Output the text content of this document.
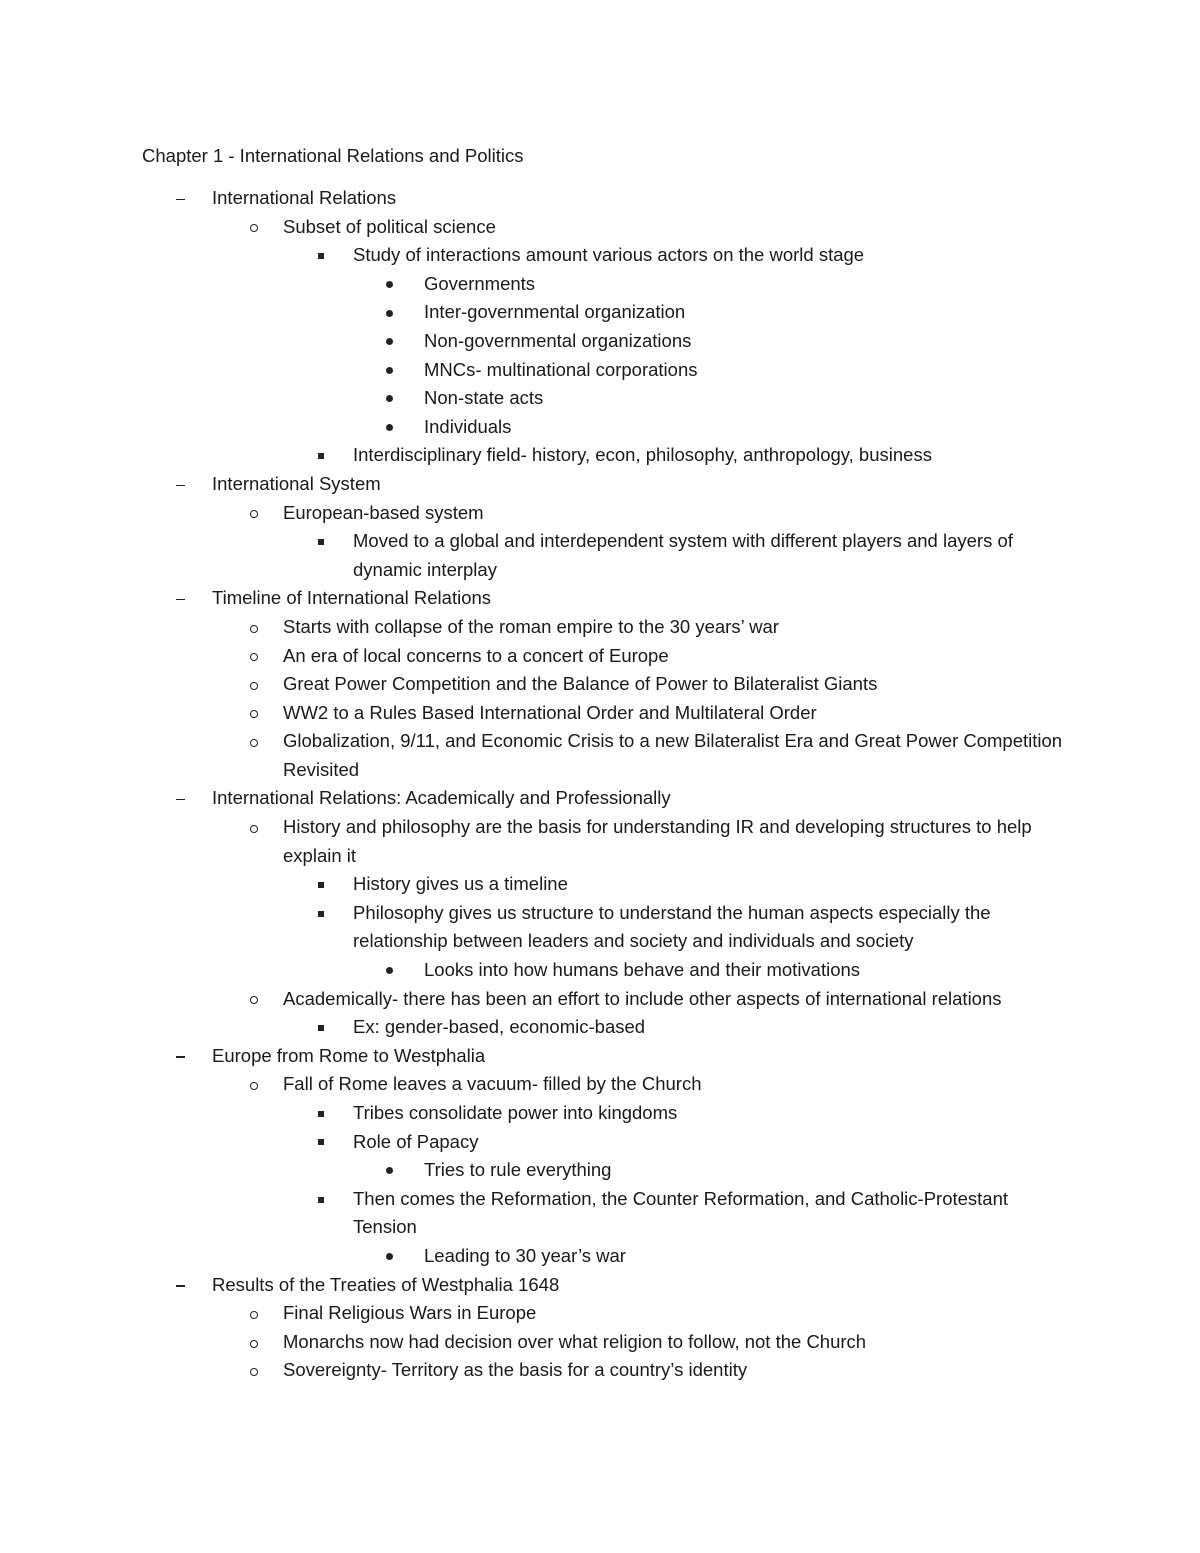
Chapter 1 - International Relations and Politics
International Relations
Subset of political science
Study of interactions amount various actors on the world stage
Governments
Inter-governmental organization
Non-governmental organizations
MNCs- multinational corporations
Non-state acts
Individuals
Interdisciplinary field- history, econ, philosophy, anthropology, business
International System
European-based system
Moved to a global and interdependent system with different players and layers of dynamic interplay
Timeline of International Relations
Starts with collapse of the roman empire to the 30 years’ war
An era of local concerns to a concert of Europe
Great Power Competition and the Balance of Power to Bilateralist Giants
WW2 to a Rules Based International Order and Multilateral Order
Globalization, 9/11, and Economic Crisis to a new Bilateralist Era and Great Power Competition Revisited
International Relations: Academically and Professionally
History and philosophy are the basis for understanding IR and developing structures to help explain it
History gives us a timeline
Philosophy gives us structure to understand the human aspects especially the relationship between leaders and society and individuals and society
Looks into how humans behave and their motivations
Academically- there has been an effort to include other aspects of international relations
Ex: gender-based, economic-based
Europe from Rome to Westphalia
Fall of Rome leaves a vacuum- filled by the Church
Tribes consolidate power into kingdoms
Role of Papacy
Tries to rule everything
Then comes the Reformation, the Counter Reformation, and Catholic-Protestant Tension
Leading to 30 year’s war
Results of the Treaties of Westphalia 1648
Final Religious Wars in Europe
Monarchs now had decision over what religion to follow, not the Church
Sovereignty- Territory as the basis for a country’s identity
